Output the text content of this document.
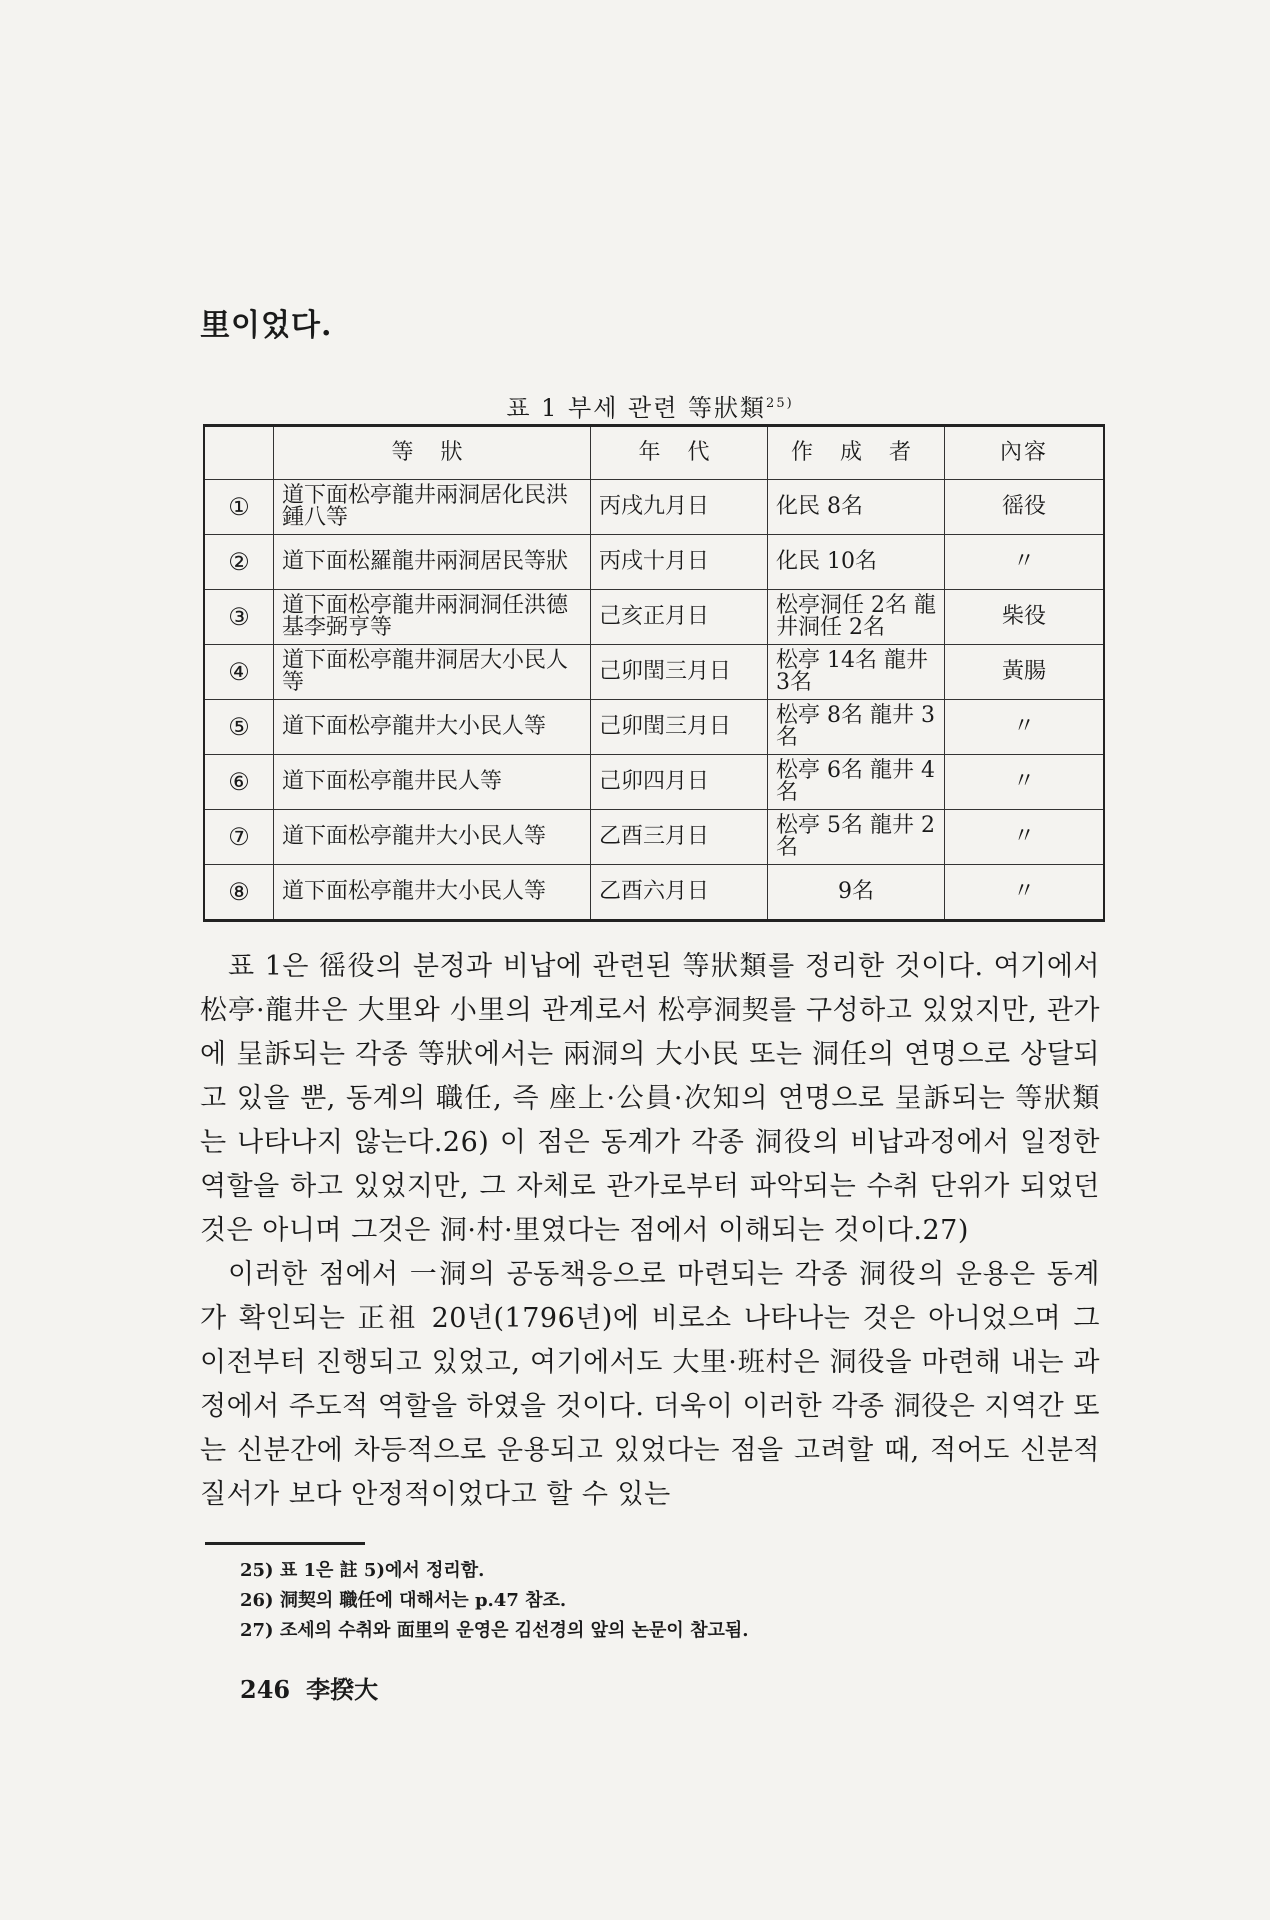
里이었다.
표 1 부세 관련 等狀類$^{25)}$
	等 狀	年 代	作 成 者	內容
①	道下面松亭龍井兩洞居化民洪鍾八等	丙戌九月日	化民 8名	徭役
②	道下面松羅龍井兩洞居民等狀	丙戌十月日	化民 10名	〃
③	道下面松亭龍井兩洞洞任洪德基李弼亨等	己亥正月日	松亭洞任 2名 龍井洞任 2名	柴役
④	道下面松亭龍井洞居大小民人等	己卯閏三月日	松亭 14名 龍井 3名	黃腸
⑤	道下面松亭龍井大小民人等	己卯閏三月日	松亭 8名 龍井 3名	〃
⑥	道下面松亭龍井民人等	己卯四月日	松亭 6名 龍井 4名	〃
⑦	道下面松亭龍井大小民人等	乙酉三月日	松亭 5名 龍井 2名	〃
⑧	道下面松亭龍井大小民人等	乙酉六月日	9名	〃

표 1은 徭役의 분정과 비납에 관련된 等狀類를 정리한 것이다. 여기에서 松亭·龍井은 大里와 小里의 관계로서 松亭洞契를 구성하고 있었지만, 관가에 呈訴되는 각종 等狀에서는 兩洞의 大小民 또는 洞任의 연명으로 상달되고 있을 뿐, 동계의 職任, 즉 座上·公員·次知의 연명으로 呈訴되는 等狀類는 나타나지 않는다.26) 이 점은 동계가 각종 洞役의 비납과정에서 일정한 역할을 하고 있었지만, 그 자체로 관가로부터 파악되는 수취 단위가 되었던 것은 아니며 그것은 洞·村·里였다는 점에서 이해되는 것이다.27)

이러한 점에서 一洞의 공동책응으로 마련되는 각종 洞役의 운용은 동계가 확인되는 正祖 20년(1796년)에 비로소 나타나는 것은 아니었으며 그 이전부터 진행되고 있었고, 여기에서도 大里·班村은 洞役을 마련해 내는 과정에서 주도적 역할을 하였을 것이다. 더욱이 이러한 각종 洞役은 지역간 또는 신분간에 차등적으로 운용되고 있었다는 점을 고려할 때, 적어도 신분적 질서가 보다 안정적이었다고 할 수 있는

25) 표 1은 註 5)에서 정리함.
26) 洞契의 職任에 대해서는 p.47 참조.
27) 조세의 수취와 面里의 운영은 김선경의 앞의 논문이 참고됨.
246 李揆大
